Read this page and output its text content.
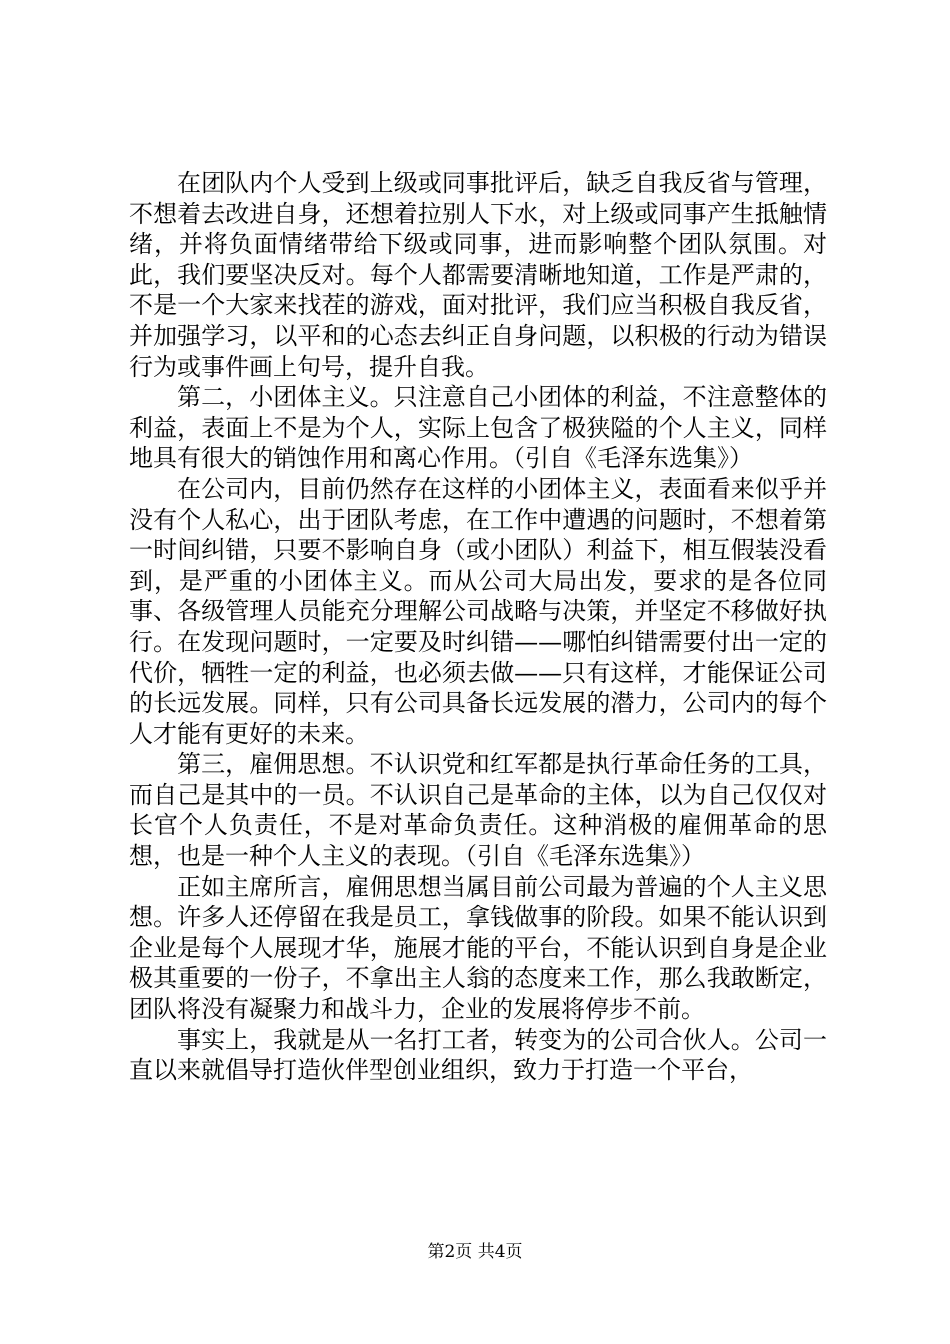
在团队内个人受到上级或同事批评后，缺乏自我反省与管理，不想着去改进自身，还想着拉别人下水，对上级或同事产生抵触情绪，并将负面情绪带给下级或同事，进而影响整个团队氛围。对此，我们要坚决反对。每个人都需要清晰地知道，工作是严肃的，不是一个大家来找茬的游戏，面对批评，我们应当积极自我反省，并加强学习，以平和的心态去纠正自身问题，以积极的行动为错误行为或事件画上句号，提升自我。

第二，小团体主义。只注意自己小团体的利益，不注意整体的利益，表面上不是为个人，实际上包含了极狭隘的个人主义，同样地具有很大的销蚀作用和离心作用。（引自《毛泽东选集》）

在公司内，目前仍然存在这样的小团体主义，表面看来似乎并没有个人私心，出于团队考虑，在工作中遭遇的问题时，不想着第一时间纠错，只要不影响自身（或小团队）利益下，相互假装没看到，是严重的小团体主义。而从公司大局出发，要求的是各位同事、各级管理人员能充分理解公司战略与决策，并坚定不移做好执行。在发现问题时，一定要及时纠错——哪怕纠错需要付出一定的代价，牺牲一定的利益，也必须去做——只有这样，才能保证公司的长远发展。同样，只有公司具备长远发展的潜力，公司内的每个人才能有更好的未来。

第三，雇佣思想。不认识党和红军都是执行革命任务的工具，而自己是其中的一员。不认识自己是革命的主体，以为自己仅仅对长官个人负责任，不是对革命负责任。这种消极的雇佣革命的思想，也是一种个人主义的表现。（引自《毛泽东选集》）

正如主席所言，雇佣思想当属目前公司最为普遍的个人主义思想。许多人还停留在我是员工，拿钱做事的阶段。如果不能认识到企业是每个人展现才华，施展才能的平台，不能认识到自身是企业极其重要的一份子，不拿出主人翁的态度来工作，那么我敢断定，团队将没有凝聚力和战斗力，企业的发展将停步不前。

事实上，我就是从一名打工者，转变为的公司合伙人。公司一直以来就倡导打造伙伴型创业组织，致力于打造一个平台，

第2页 共4页
